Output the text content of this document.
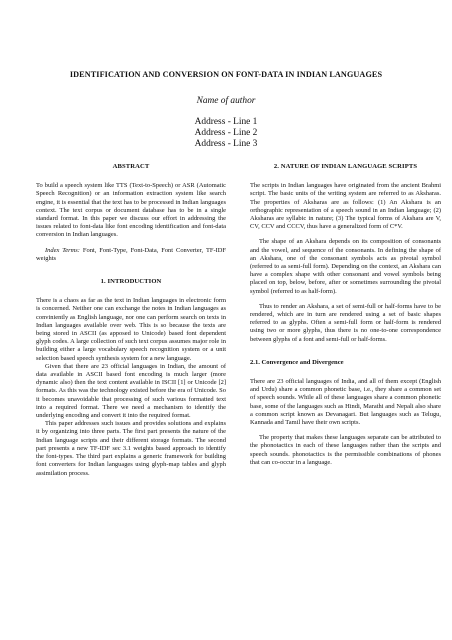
IDENTIFICATION AND CONVERSION ON FONT-DATA IN INDIAN LANGUAGES
Name of author
Address - Line 1
Address - Line 2
Address - Line 3
ABSTRACT

To build a speech system like TTS (Text-to-Speech) or ASR (Automatic Speech Recognition) or an information extraction system like search engine, it is essential that the text has to be processed in Indian languages context. The text corpus or document database has to be in a single standard format. In this paper we discuss our effort in addressing the issues related to font-data like font encoding identification and font-data conversion in Indian languages.

Index Terms: Font, Font-Type, Font-Data, Font Converter, TF-IDF weights

1. INTRODUCTION

There is a chaos as far as the text in Indian languages in electronic form is concerned. Neither one can exchange the notes in Indian languages as conviniently as English language, nor one can perform search on texts in Indian languages available over web. This is so because the texts are being stored in ASCII (as apposed to Unicode) based font dependent glyph codes. A large collection of such text corpus assumes major role in building either a large vocabulary speech recognition system or a unit selection based speech synthesis system for a new language.

Given that there are 23 official languages in Indian, the amount of data available in ASCII based font encoding is much larger (more dynamic also) then the text content available in ISCII [1] or Unicode [2] formats. As this was the technology existed before the era of Unicode. So it becomes unavoidable that processing of such various formatted text into a required format. There we need a mechanism to identify the underlying encoding and convert it into the required format.

This paper addresses such issues and provides solutions and explains it by organizing into three parts. The first part presents the nature of the Indian language scripts and their different storage formats. The second part presents a new TF-IDF sec 3.1 weights based approach to identify the font-types. The third part explains a generic framework for building font converters for Indian languages using glyph-map tables and glyph assimilation process.

2. NATURE OF INDIAN LANGUAGE SCRIPTS

The scripts in Indian languages have originated from the ancient Brahmi script. The basic units of the writing system are referred to as Aksharas. The properties of Aksharas are as follows: (1) An Akshara is an orthographic representation of a speech sound in an Indian language; (2) Aksharas are syllabic in nature; (3) The typical forms of Akshara are V, CV, CCV and CCCV, thus have a generalized form of C*V.

The shape of an Akshara depends on its composition of consonants and the vowel, and sequence of the consonants. In defining the shape of an Akshara, one of the consonant symbols acts as pivotal symbol (referred to as semi-full form). Depending on the context, an Akshara can have a complex shape with other consonant and vowel symbols being placed on top, below, before, after or sometimes surrounding the pivotal symbol (referred to as half-form).

Thus to render an Akshara, a set of semi-full or half-forms have to be rendered, which are in turn are rendered using a set of basic shapes referred to as glyphs. Often a semi-full form or half-form is rendered using two or more glyphs, thus there is no one-to-one correspondence between glyphs of a font and semi-full or half-forms.

2.1. Convergence and Divergence

There are 23 official languages of India, and all of them except (English and Urdu) share a common phonetic base, i.e., they share a common set of speech sounds. While all of these languages share a common phonetic base, some of the languages such as Hindi, Marathi and Nepali also share a common script known as Devanagari. But languages such as Telugu, Kannada and Tamil have their own scripts.

The property that makes these languages separate can be attributed to the phonotactics in each of these languages rather than the scripts and speech sounds. phonotactics is the permissible combinations of phones that can co-occur in a language.
